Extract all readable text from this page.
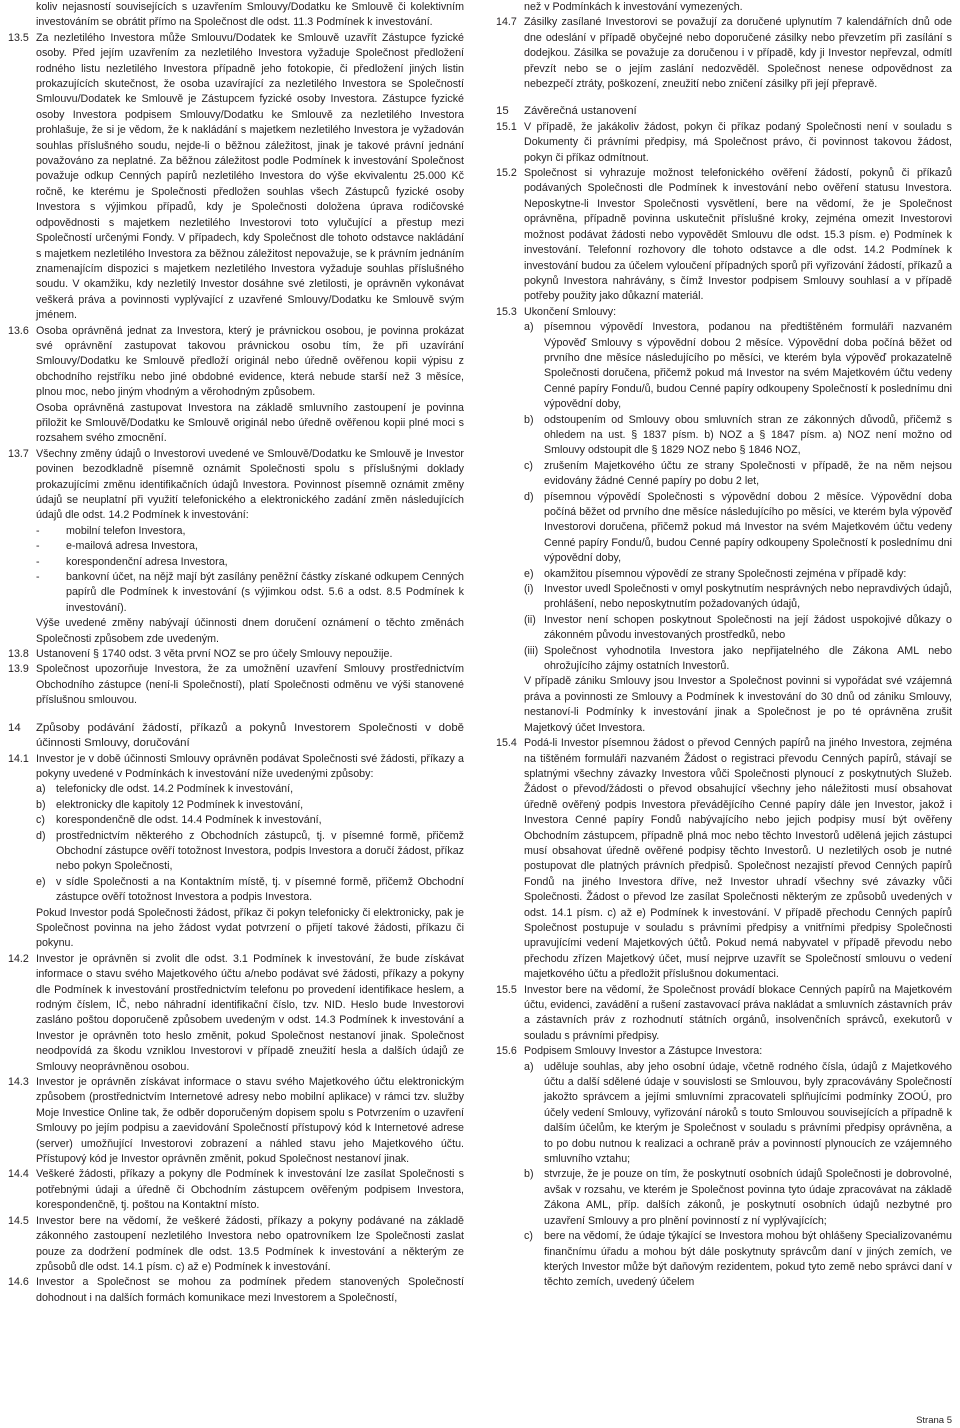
koliv nejasností souvisejících s uzavřením Smlouvy/Dodatku ke Smlouvě či kolektivním investováním se obrátit přímo na Společnost dle odst. 11.3 Podmínek k investování.

13.5 Za nezletilého Investora může Smlouvu/Dodatek ke Smlouvě uzavřít Zástupce fyzické osoby. Před jejím uzavřením za nezletilého Investora vyžaduje Společnost předložení rodného listu nezletilého Investora případně jeho fotokopie, či předložení jiných listin prokazujících skutečnost, že osoba uzavírající za nezletilého Investora se Společností Smlouvu/Dodatek ke Smlouvě je Zástupcem fyzické osoby Investora. Zástupce fyzické osoby Investora podpisem Smlouvy/Dodatku ke Smlouvě za nezletilého Investora prohlašuje, že si je vědom, že k nakládání s majetkem nezletilého Investora je vyžadován souhlas příslušného soudu, nejde-li o běžnou záležitost, jinak je takové právní jednání považováno za neplatné. Za běžnou záležitost podle Podmínek k investování Společnost považuje odkup Cenných papírů nezletilého Investora do výše ekvivalentu 25.000 Kč ročně, ke kterému je Společnosti předložen souhlas všech Zástupců fyzické osoby Investora s výjimkou případů, kdy je Společnosti doložena úprava rodičovské odpovědnosti s majetkem nezletilého Investorovi toto vylučující a přestup mezi Společností určenými Fondy. V případech, kdy Společnost dle tohoto odstavce nakládání s majetkem nezletilého Investora za běžnou záležitost nepovažuje, se k právním jednáním znamenajícím dispozici s majetkem nezletilého Investora vyžaduje souhlas příslušného soudu. V okamžiku, kdy nezletilý Investor dosáhne své zletilosti, je oprávněn vykonávat veškerá práva a povinnosti vyplývající z uzavřené Smlouvy/Dodatku ke Smlouvě svým jménem.

13.6 Osoba oprávněná jednat za Investora, který je právnickou osobou, je povinna prokázat své oprávnění zastupovat takovou právnickou osobu tím, že při uzavírání Smlouvy/Dodatku ke Smlouvě předloží originál nebo úředně ověřenou kopii výpisu z obchodního rejstříku nebo jiné obdobné evidence, která nebude starší než 3 měsíce, plnou moc, nebo jiným vhodným a věrohodným způsobem.

Osoba oprávněná zastupovat Investora na základě smluvního zastoupení je povinna přiložit ke Smlouvě/Dodatku ke Smlouvě originál nebo úředně ověřenou kopii plné moci s rozsahem svého zmocnění.

13.7 Všechny změny údajů o Investorovi uvedené ve Smlouvě/Dodatku ke Smlouvě je Investor povinen bezodkladně písemně oznámit Společnosti spolu s příslušnými doklady prokazujícími změnu identifikačních údajů Investora. Povinnost písemně oznámit změny údajů se neuplatní při využití telefonického a elektronického zadání změn následujících údajů dle odst. 14.2 Podmínek k investování:

- mobilní telefon Investora,
- e-mailová adresa Investora,
- korespondenční adresa Investora,
- bankovní účet, na nějž mají být zasílány peněžní částky získané odkupem Cenných papírů dle Podmínek k investování (s výjimkou odst. 5.6 a odst. 8.5 Podmínek k investování).

Výše uvedené změny nabývají účinnosti dnem doručení oznámení o těchto změnách Společnosti způsobem zde uvedeným.

13.8 Ustanovení § 1740 odst. 3 věta první NOZ se pro účely Smlouvy nepoužije.

13.9 Společnost upozorňuje Investora, že za umožnění uzavření Smlouvy prostřednictvím Obchodního zástupce (není-li Společností), platí Společnosti odměnu ve výši stanovené příslušnou smlouvou.

14 Způsoby podávání žádostí, příkazů a pokynů Investorem Společnosti v době účinnosti Smlouvy, doručování
14.1 Investor je v době účinnosti Smlouvy oprávněn podávat Společnosti své žádosti, příkazy a pokyny uvedené v Podmínkách k investování níže uvedenými způsoby:

a) telefonicky dle odst. 14.2 Podmínek k investování,
b) elektronicky dle kapitoly 12 Podmínek k investování,
c) korespondenčně dle odst. 14.4 Podmínek k investování,
d) prostřednictvím některého z Obchodních zástupců, tj. v písemné formě, přičemž Obchodní zástupce ověří totožnost Investora, podpis Investora a doručí žádost, příkaz nebo pokyn Společnosti,
e) v sídle Společnosti a na Kontaktním místě, tj. v písemné formě, přičemž Obchodní zástupce ověří totožnost Investora a podpis Investora.

Pokud Investor podá Společnosti žádost, příkaz či pokyn telefonicky či elektronicky, pak je Společnost povinna na jeho žádost vydat potvrzení o přijetí takové žádosti, příkazu či pokynu.

14.2 Investor je oprávněn si zvolit dle odst. 3.1 Podmínek k investování, že bude získávat informace o stavu svého Majetkového účtu a/nebo podávat své žádosti, příkazy a pokyny dle Podmínek k investování prostřednictvím telefonu po provedení identifikace heslem, a rodným číslem, IČ, nebo náhradní identifikační číslo, tzv. NID. Heslo bude Investorovi zasláno poštou doporučeně způsobem uvedeným v odst. 14.3 Podmínek k investování a Investor je oprávněn toto heslo změnit, pokud Společnost nestanoví jinak. Společnost neodpovídá za škodu vzniklou Investorovi v případě zneužití hesla a dalších údajů ze Smlouvy neoprávněnou osobou.

14.3 Investor je oprávněn získávat informace o stavu svého Majetkového účtu elektronickým způsobem (prostřednictvím Internetové adresy nebo mobilní aplikace) v rámci tzv. služby Moje Investice Online tak, že odběr doporučeným dopisem spolu s Potvrzením o uzavření Smlouvy po jejím podpisu a zaevidování Společností přístupový kód k Internetové adrese (server) umožňující Investorovi zobrazení a náhled stavu jeho Majetkového účtu. Přístupový kód je Investor oprávněn změnit, pokud Společnost nestanoví jinak.

14.4 Veškeré žádosti, příkazy a pokyny dle Podmínek k investování lze zasílat Společnosti s potřebnými údaji a úředně či Obchodním zástupcem ověřeným podpisem Investora, korespondenčně, tj. poštou na Kontaktní místo.

14.5 Investor bere na vědomí, že veškeré žádosti, příkazy a pokyny podávané na základě zákonného zastoupení nezletilého Investora nebo opatrovníkem lze Společnosti zaslat pouze za dodržení podmínek dle odst. 13.5 Podmínek k investování a některým ze způsobů dle odst. 14.1 písm. c) až e) Podmínek k investování.

14.6 Investor a Společnost se mohou za podmínek předem stanovených Společností dohodnout i na dalších formách komunikace mezi Investorem a Společností,

než v Podmínkách k investování vymezených.

14.7 Zásilky zasílané Investorovi se považují za doručené uplynutím 7 kalendářních dnů ode dne odeslání v případě obyčejné nebo doporučené zásilky nebo převzetím při zasílání s dodejkou. Zásilka se považuje za doručenou i v případě, kdy ji Investor nepřevzal, odmítl převzít nebo se o jejím zaslání nedozvěděl. Společnost nenese odpovědnost za nebezpečí ztráty, poškození, zneužití nebo zničení zásilky při její přepravě.

15 Závěrečná ustanovení
15.1 V případě, že jakákoliv žádost, pokyn či příkaz podaný Společnosti není v souladu s Dokumenty či právními předpisy, má Společnost právo, či povinnost takovou žádost, pokyn či příkaz odmítnout.

15.2 Společnost si vyhrazuje možnost telefonického ověření žádostí, pokynů či příkazů podávaných Společnosti dle Podmínek k investování nebo ověření statusu Investora. Neposkytne-li Investor Společnosti vysvětlení, bere na vědomí, že je Společnost oprávněna, případně povinna uskutečnit příslušné kroky, zejména omezit Investorovi možnost podávat žádosti nebo vypovědět Smlouvu dle odst. 15.3 písm. e) Podmínek k investování. Telefonní rozhovory dle tohoto odstavce a dle odst. 14.2 Podmínek k investování budou za účelem vyloučení případných sporů při vyřizování žádostí, příkazů a pokynů Investora nahrávány, s čímž Investor podpisem Smlouvy souhlasí a v případě potřeby použity jako důkazní materiál.

15.3 Ukončení Smlouvy:

a) písemnou výpovědí Investora, podanou na předtištěném formuláři nazvaném Výpověď Smlouvy s výpovědní dobou 2 měsíce. Výpovědní doba počíná běžet od prvního dne měsíce následujícího po měsíci, ve kterém byla výpověď prokazatelně Společnosti doručena, přičemž pokud má Investor na svém Majetkovém účtu vedeny Cenné papíry Fondu/ů, budou Cenné papíry odkoupeny Společností k poslednímu dni výpovědní doby,
b) odstoupením od Smlouvy obou smluvních stran ze zákonných důvodů, přičemž s ohledem na ust. § 1837 písm. b) NOZ a § 1847 písm. a) NOZ není možno od Smlouvy odstoupit dle § 1829 NOZ nebo § 1846 NOZ,
c) zrušením Majetkového účtu ze strany Společnosti v případě, že na něm nejsou evidovány žádné Cenné papíry po dobu 2 let,
d) písemnou výpovědí Společnosti s výpovědní dobou 2 měsíce. Výpovědní doba počíná běžet od prvního dne měsíce následujícího po měsíci, ve kterém byla výpověď Investorovi doručena, přičemž pokud má Investor na svém Majetkovém účtu vedeny Cenné papíry Fondu/ů, budou Cenné papíry odkoupeny Společností k poslednímu dni výpovědní doby,
e) okamžitou písemnou výpovědí ze strany Společnosti zejména v případě kdy:
(i) Investor uvedl Společnosti v omyl poskytnutím nesprávných nebo nepravdivých údajů, prohlášení, nebo neposkytnutím požadovaných údajů,
(ii) Investor není schopen poskytnout Společnosti na její žádost uspokojivé důkazy o zákonném původu investovaných prostředků, nebo
(iii) Společnost vyhodnotila Investora jako nepřijatelného dle Zákona AML nebo ohrožujícího zájmy ostatních Investorů.

V případě zániku Smlouvy jsou Investor a Společnost povinni si vypořádat své vzájemná práva a povinnosti ze Smlouvy a Podmínek k investování do 30 dnů od zániku Smlouvy, nestanoví-li Podmínky k investování jinak a Společnost je po té oprávněna zrušit Majetkový účet Investora.

15.4 Podá-li Investor písemnou žádost o převod Cenných papírů na jiného Investora, zejména na tištěném formuláři nazvaném Žádost o registraci převodu Cenných papírů, stávají se splatnými všechny závazky Investora vůči Společnosti plynoucí z poskytnutých Služeb. Žádost o převod/žádosti o převod obsahující všechny jeho náležitosti musí obsahovat úředně ověřený podpis Investora převádějícího Cenné papíry dále jen Investor, jakož i Investora Cenné papíry Fondů nabývajícího nebo jejich podpisy musí být ověřeny Obchodním zástupcem, případně plná moc nebo těchto Investorů udělená jejich zástupci musí obsahovat úředně ověřené podpisy těchto Investorů. U nezletilých osob je nutné postupovat dle platných právních předpisů. Společnost nezajistí převod Cenných papírů Fondů na jiného Investora dříve, než Investor uhradí všechny své závazky vůči Společnosti. Žádost o převod lze zasílat Společnosti některým ze způsobů uvedených v odst. 14.1 písm. c) až e) Podmínek k investování. V případě přechodu Cenných papírů Společnost postupuje v souladu s právními předpisy a vnitřními předpisy Společnosti upravujícími vedení Majetkových účtů. Pokud nemá nabyvatel v případě převodu nebo přechodu zřízen Majetkový účet, musí nejprve uzavřít se Společností smlouvu o vedení majetkového účtu a předložit příslušnou dokumentaci.

15.5 Investor bere na vědomí, že Společnost provádí blokace Cenných papírů na Majetkovém účtu, evidenci, zavádění a rušení zastavovací práva nakládat a smluvních zástavních práv a zástavních práv z rozhodnutí státních orgánů, insolvenčních správců, exekutorů v souladu s právními předpisy.

15.6 Podpisem Smlouvy Investor a Zástupce Investora:

a) uděluje souhlas, aby jeho osobní údaje, včetně rodného čísla, údajů z Majetkového účtu a další sdělené údaje v souvislosti se Smlouvou, byly zpracovávány Společností jakožto správcem a jejími smluvními zpracovateli splňujícími podmínky ZOOÚ, pro účely vedení Smlouvy, vyřizování nároků s touto Smlouvou souvisejících a případně k dalším účelům, ke kterým je Společnost v souladu s právními předpisy oprávněna, a to po dobu nutnou k realizaci a ochraně práv a povinností plynoucích ze vzájemného smluvního vztahu;
b) stvrzuje, že je pouze on tím, že poskytnutí osobních údajů Společnosti je dobrovolné, avšak v rozsahu, ve kterém je Společnost povinna tyto údaje zpracovávat na základě Zákona AML, příp. dalších zákonů, je poskytnutí osobních údajů nezbytné pro uzavření Smlouvy a pro plnění povinností z ní vyplývajících;
c) bere na vědomí, že údaje týkající se Investora mohou být ohlášeny Specializovanému finančnímu úřadu a mohou být dále poskytnuty správcům daní v jiných zemích, ve kterých Investor může být daňovým rezidentem, pokud tyto země nebo správci daní v těchto zemích, uvedený účelem
Strana 5
